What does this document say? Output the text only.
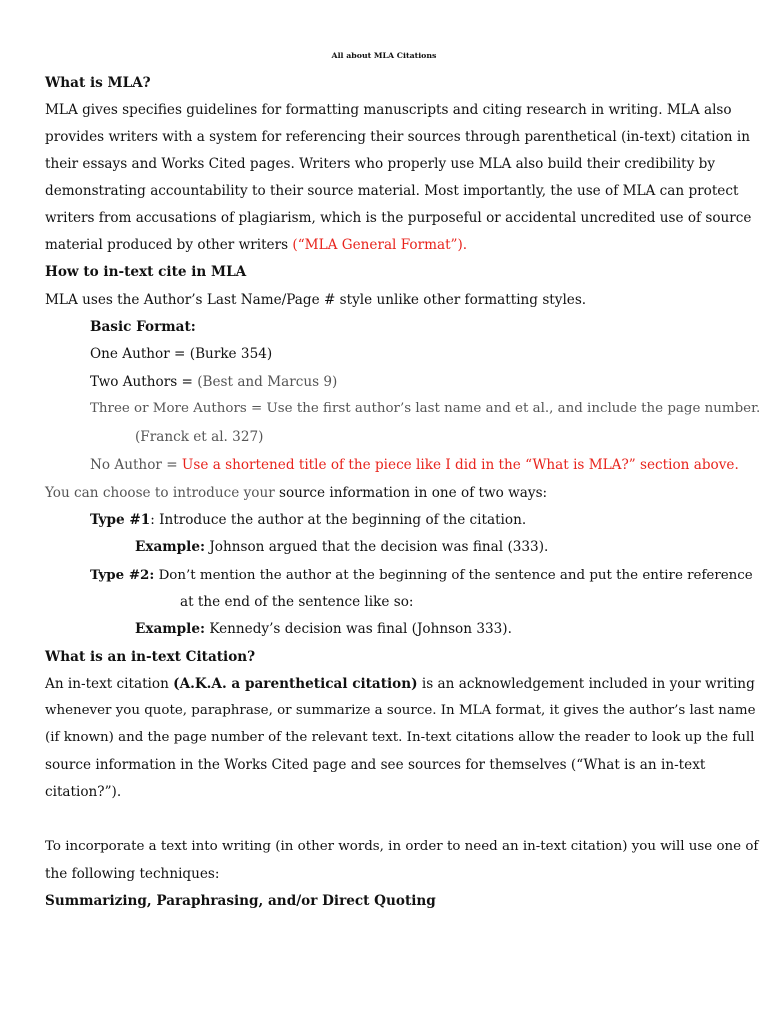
All about MLA Citations
What is MLA?
MLA gives specifies guidelines for formatting manuscripts and citing research in writing. MLA also
provides writers with a system for referencing their sources through parenthetical (in-text) citation in
their essays and Works Cited pages. Writers who properly use MLA also build their credibility by
demonstrating accountability to their source material. Most importantly, the use of MLA can protect
writers from accusations of plagiarism, which is the purposeful or accidental uncredited use of source
material produced by other writers (“MLA General Format”).
How to in-text cite in MLA
MLA uses the Author’s Last Name/Page # style unlike other formatting styles.
Basic Format:
One Author = (Burke 354)
Two Authors = (Best and Marcus 9)
Three or More Authors = Use the first author’s last name and et al., and include the page number.
(Franck et al. 327)
No Author = Use a shortened title of the piece like I did in the “What is MLA?” section above.
You can choose to introduce your source information in one of two ways:
Type #1: Introduce the author at the beginning of the citation.
Example: Johnson argued that the decision was final (333).
Type #2: Don’t mention the author at the beginning of the sentence and put the entire reference
at the end of the sentence like so:
Example: Kennedy’s decision was final (Johnson 333).
What is an in-text Citation?
An in-text citation (A.K.A. a parenthetical citation) is an acknowledgement included in your writing
whenever you quote, paraphrase, or summarize a source. In MLA format, it gives the author’s last name
(if known) and the page number of the relevant text. In-text citations allow the reader to look up the full
source information in the Works Cited page and see sources for themselves (“What is an in-text
citation?”).
To incorporate a text into writing (in other words, in order to need an in-text citation) you will use one of
the following techniques:
Summarizing, Paraphrasing, and/or Direct Quoting
